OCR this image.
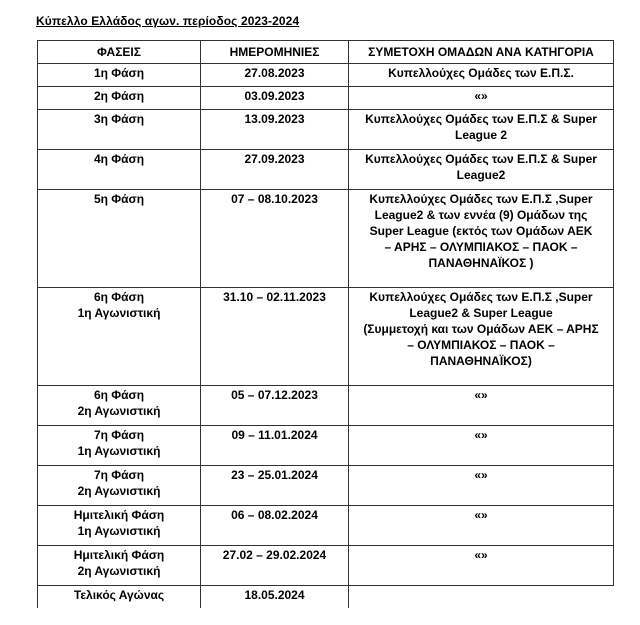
Κύπελλο Ελλάδος αγων. περίοδος 2023-2024
ΦΑΣΕΙΣ	ΗΜΕΡΟΜΗΝΙΕΣ	ΣΥΜΕΤΟΧΗ ΟΜΑΔΩΝ ΑΝΑ ΚΑΤΗΓΟΡΙΑ
1η Φάση	27.08.2023	Κυπελλούχες Ομάδες των Ε.Π.Σ.
2η Φάση	03.09.2023	«»
3η Φάση	13.09.2023	Κυπελλούχες Ομάδες των Ε.Π.Σ & Super
League 2
4η Φάση	27.09.2023	Κυπελλούχες Ομάδες των Ε.Π.Σ & Super
League2
5η Φάση	07 – 08.10.2023	Κυπελλούχες Ομάδες των Ε.Π.Σ ,Super
League2 & των εννέα (9) Ομάδων της
Super League (εκτός των Ομάδων ΑΕΚ
– ΑΡΗΣ – ΟΛΥΜΠΙΑΚΟΣ – ΠΑΟΚ –
ΠΑΝΑΘΗΝΑΪΚΟΣ )
6η Φάση
1η Αγωνιστική	31.10 – 02.11.2023	Κυπελλούχες Ομάδες των Ε.Π.Σ ,Super
League2 & Super League
(Συμμετοχή και των Ομάδων ΑΕΚ – ΑΡΗΣ
– ΟΛΥΜΠΙΑΚΟΣ – ΠΑΟΚ –
ΠΑΝΑΘΗΝΑΪΚΟΣ)
6η Φάση
2η Αγωνιστική	05 – 07.12.2023	«»
7η Φάση
1η Αγωνιστική	09 – 11.01.2024	«»
7η Φάση
2η Αγωνιστική	23 – 25.01.2024	«»
Ημιτελική Φάση
1η Αγωνιστική	06 – 08.02.2024	«»
Ημιτελική Φάση
2η Αγωνιστική	27.02 – 29.02.2024	«»
Τελικός Αγώνας	18.05.2024	
